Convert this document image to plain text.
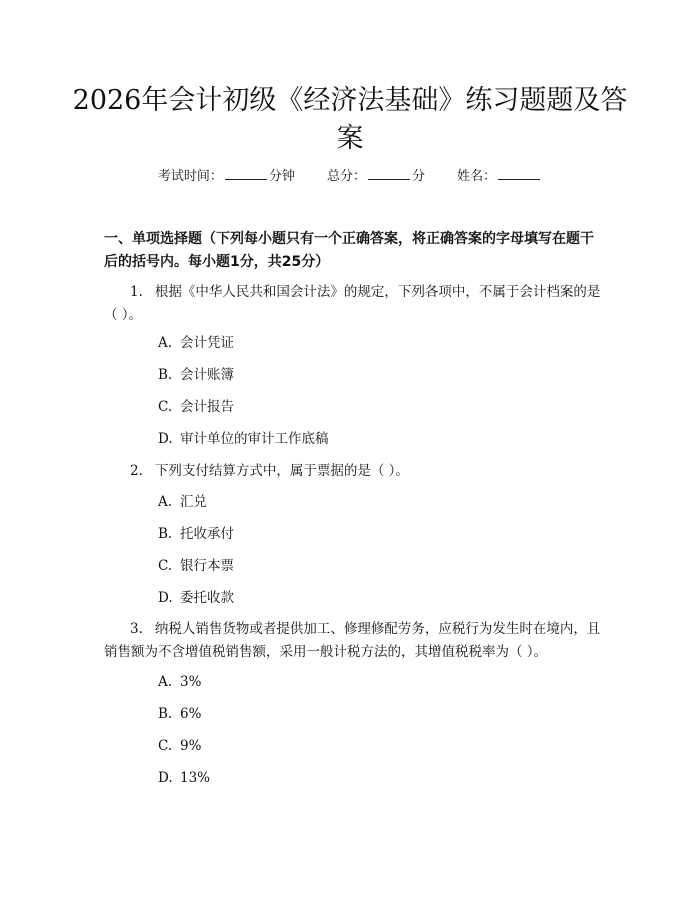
2026年会计初级《经济法基础》练习题题及答案
考试时间：	分钟 总分：	分 姓名：
一、单项选择题（下列每小题只有一个正确答案，将正确答案的字母填写在题干后的括号内。每小题1分，共25分）
1. 根据《中华人民共和国会计法》的规定，下列各项中，不属于会计档案的是（ ）。
A. 会计凭证
B. 会计账簿
C. 会计报告
D. 审计单位的审计工作底稿
2. 下列支付结算方式中，属于票据的是（ ）。
A. 汇兑
B. 托收承付
C. 银行本票
D. 委托收款
3. 纳税人销售货物或者提供加工、修理修配劳务，应税行为发生时在境内，且销售额为不含增值税销售额，采用一般计税方法的，其增值税税率为（ ）。
A. 3%
B. 6%
C. 9%
D. 13%
